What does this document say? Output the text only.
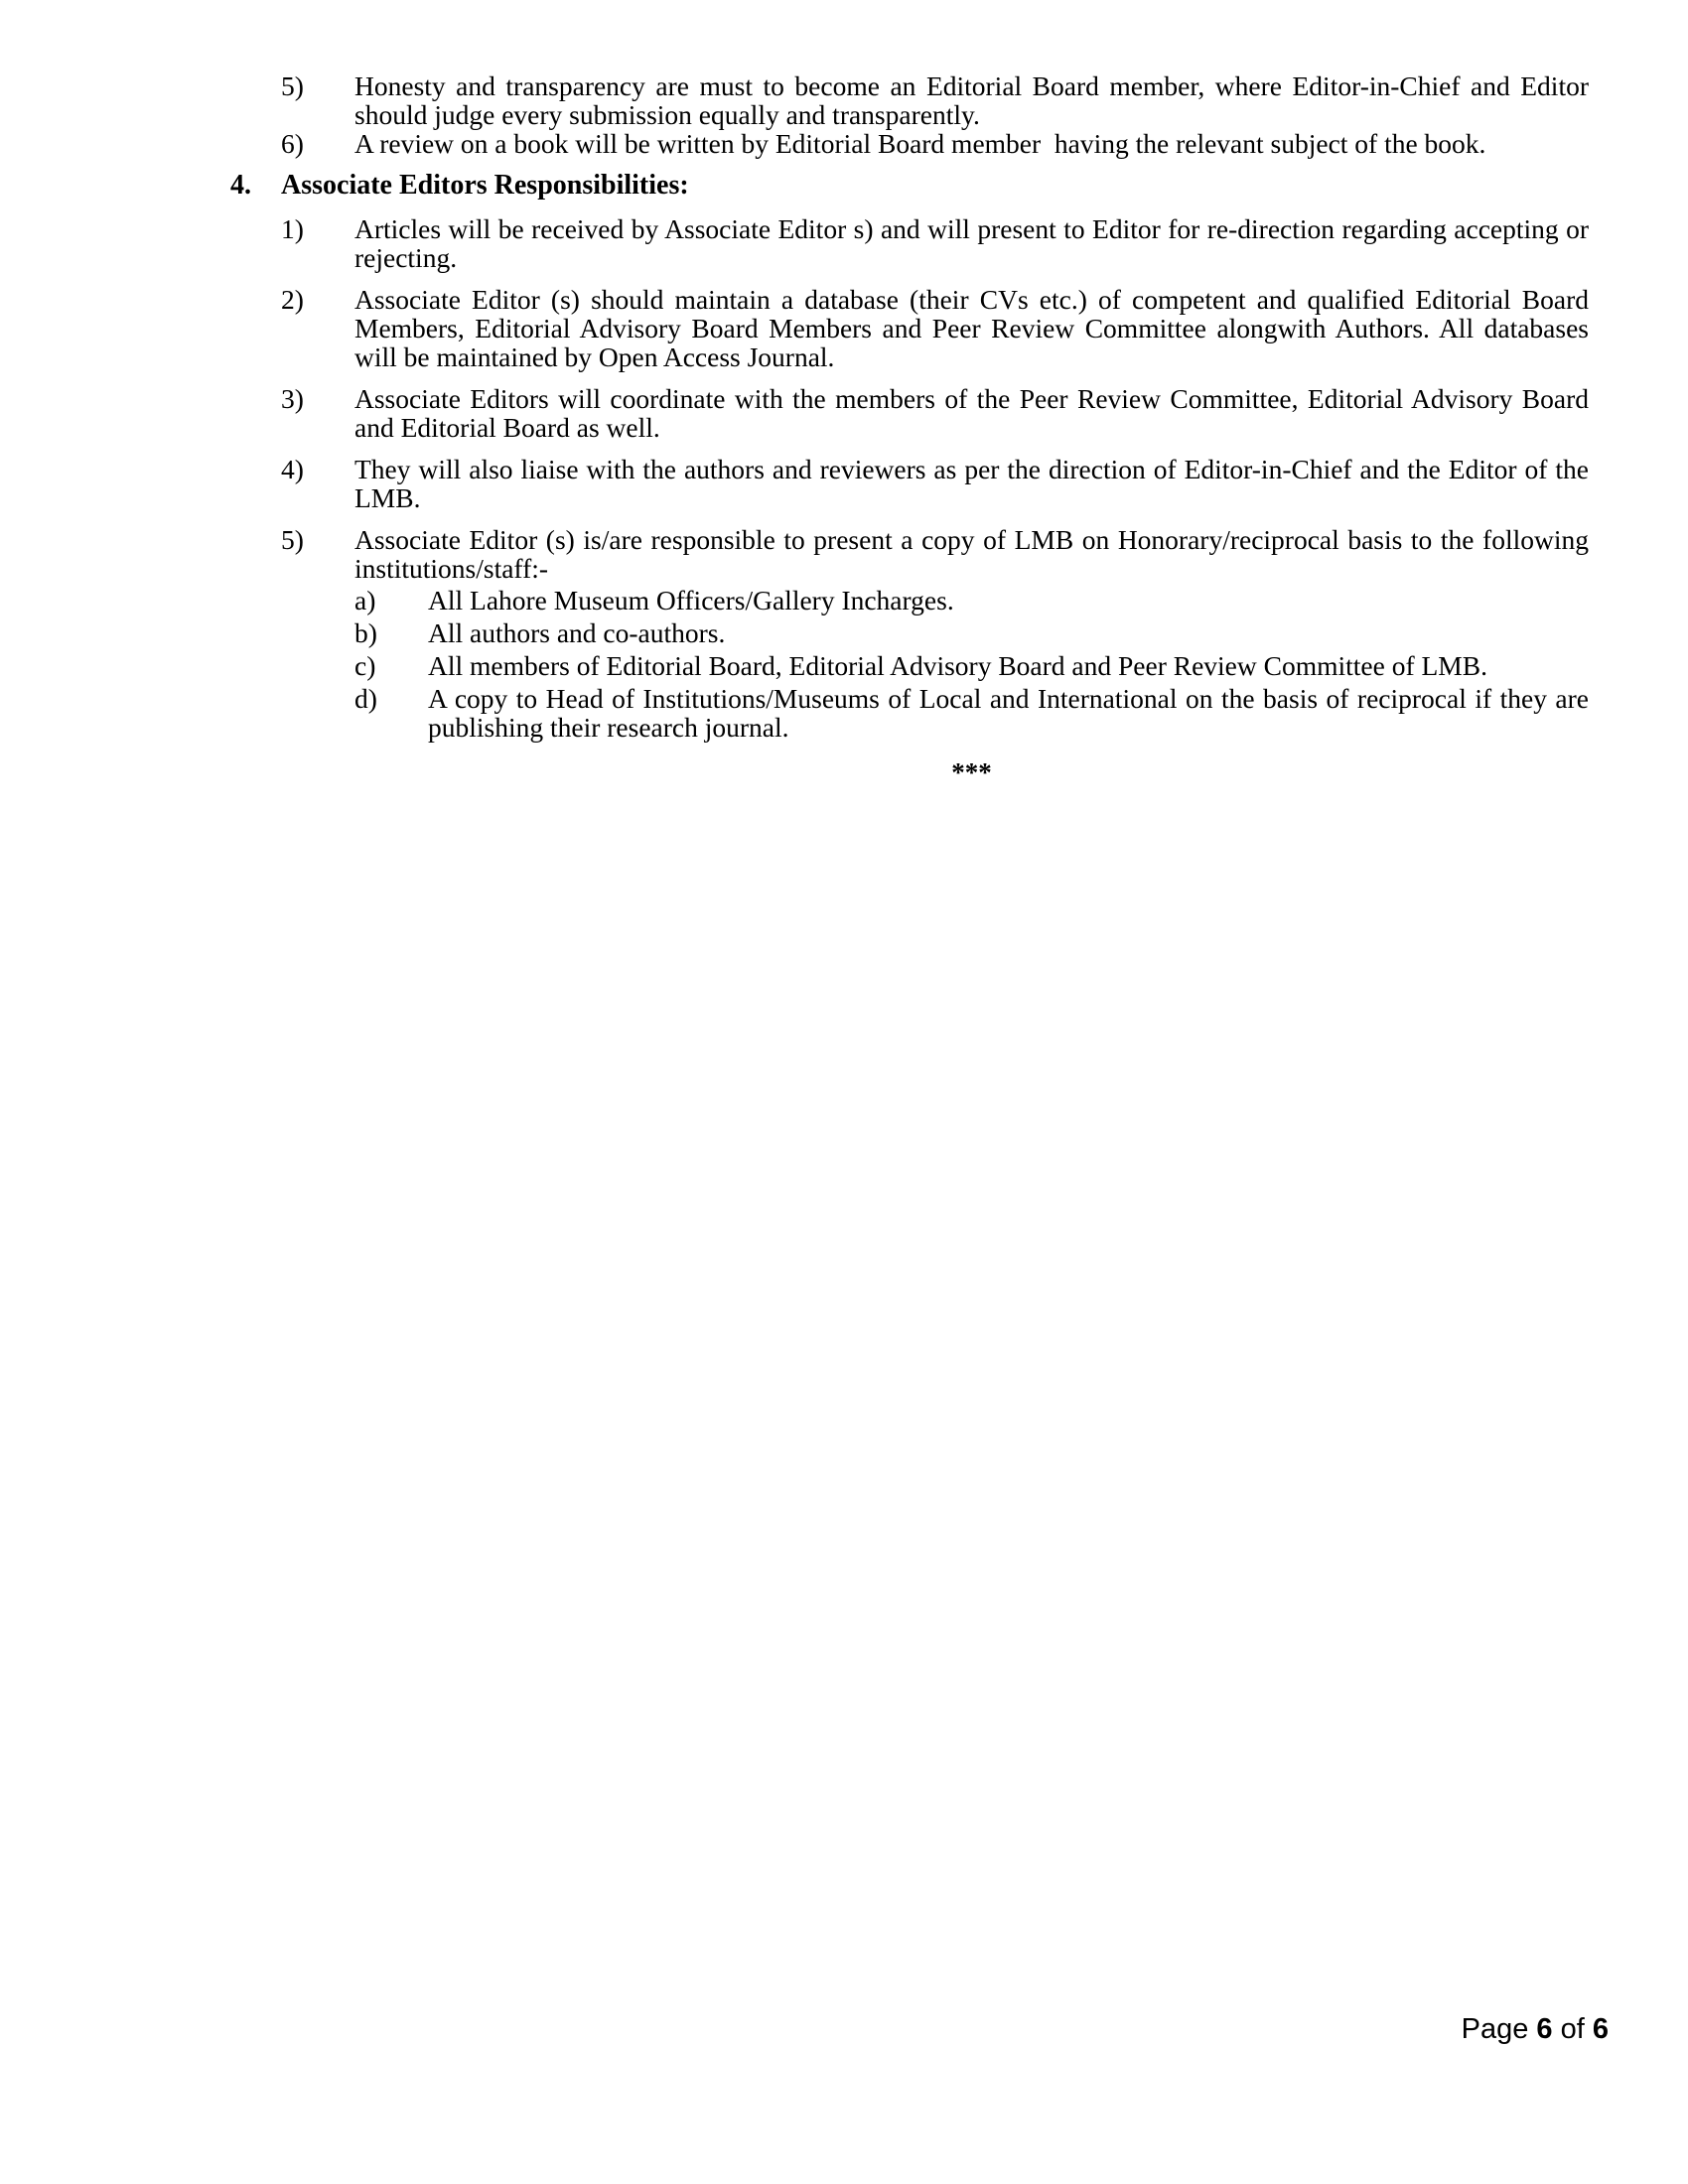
5)	Honesty and transparency are must to become an Editorial Board member, where Editor-in-Chief and Editor should judge every submission equally and transparently.
6)	A review on a book will be written by Editorial Board member  having the relevant subject of the book.
4.	Associate Editors Responsibilities:
1)	Articles will be received by Associate Editor s) and will present to Editor for re-direction regarding accepting or rejecting.
2)	Associate Editor (s) should maintain a database (their CVs etc.) of competent and qualified Editorial Board Members, Editorial Advisory Board Members and Peer Review Committee alongwith Authors. All databases will be maintained by Open Access Journal.
3)	Associate Editors will coordinate with the members of the Peer Review Committee, Editorial Advisory Board and Editorial Board as well.
4)	They will also liaise with the authors and reviewers as per the direction of Editor-in-Chief and the Editor of the LMB.
5)	Associate Editor (s) is/are responsible to present a copy of LMB on Honorary/reciprocal basis to the following institutions/staff:-
a)	All Lahore Museum Officers/Gallery Incharges.
b)	All authors and co-authors.
c)	All members of Editorial Board, Editorial Advisory Board and Peer Review Committee of LMB.
d)	A copy to Head of Institutions/Museums of Local and International on the basis of reciprocal if they are publishing their research journal.
***
Page 6 of 6
